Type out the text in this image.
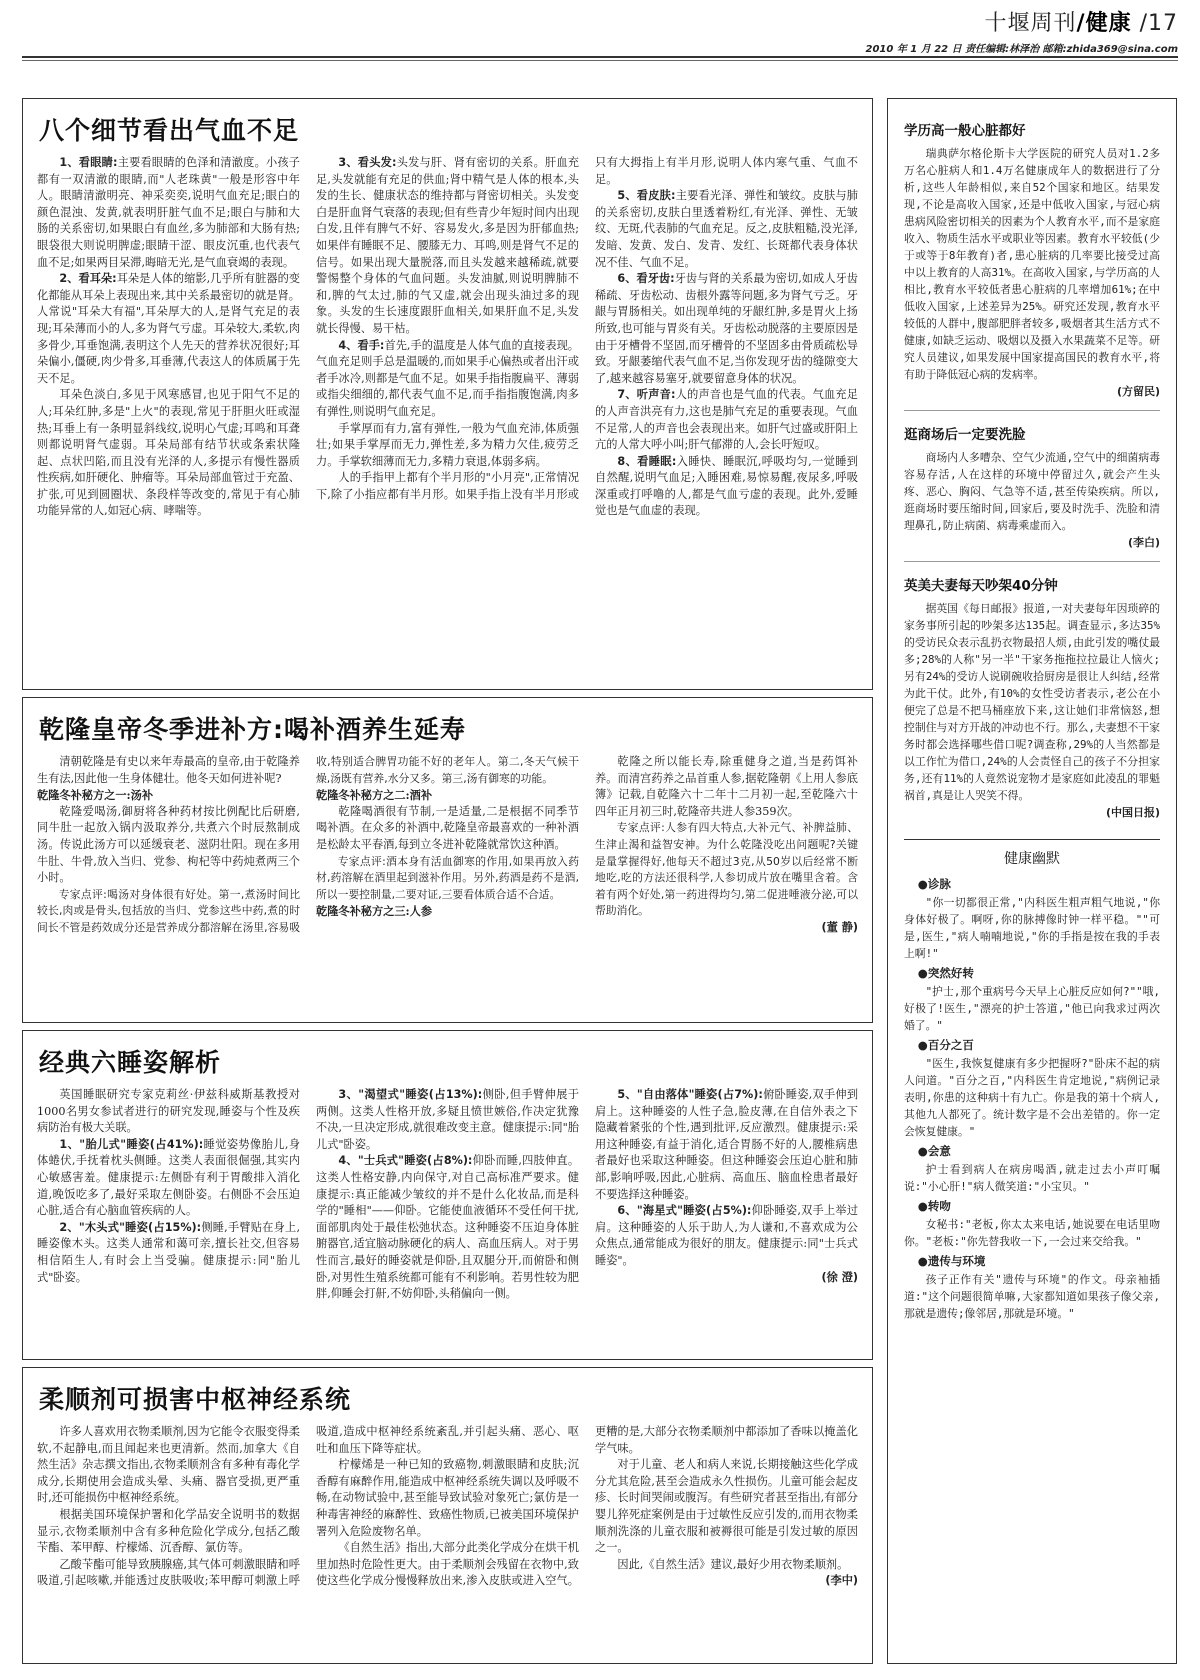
十堰周刊/健康 /17
2010 年 1 月 22 日 责任编辑:林泽治 邮箱:zhida369@sina.com
八个细节看出气血不足

1、看眼睛:主要看眼睛的色泽和清澈度。小孩子都有一双清澈的眼睛,而"人老珠黄"一般是形容中年人。眼睛清澈明亮、神采奕奕,说明气血充足;眼白的颜色混浊、发黄,就表明肝脏气血不足;眼白与肺和大肠的关系密切,如果眼白有血丝,多为肺部和大肠有热;眼袋很大则说明脾虚;眼睛干涩、眼皮沉重,也代表气血不足;如果两目呆滞,晦暗无光,是气血衰竭的表现。

2、看耳朵:耳朵是人体的缩影,几乎所有脏器的变化都能从耳朵上表现出来,其中关系最密切的就是肾。人常说"耳朵大有福",耳朵厚大的人,是肾气充足的表现;耳朵薄而小的人,多为肾气亏虚。耳朵较大,柔软,肉多骨少,耳垂饱满,表明这个人先天的营养状况很好;耳朵偏小,僵硬,肉少骨多,耳垂薄,代表这人的体质属于先天不足。

耳朵色淡白,多见于风寒感冒,也见于阳气不足的人;耳朵红肿,多是"上火"的表现,常见于肝胆火旺或湿热;耳垂上有一条明显斜线纹,说明心气虚;耳鸣和耳聋则都说明肾气虚弱。耳朵局部有结节状或条索状隆起、点状凹陷,而且没有光泽的人,多提示有慢性器质性疾病,如肝硬化、肿瘤等。耳朵局部血管过于充盈、扩张,可见到圆圈状、条段样等改变的,常见于有心肺功能异常的人,如冠心病、哮喘等。

3、看头发:头发与肝、肾有密切的关系。肝血充足,头发就能有充足的供血;肾中精气是人体的根本,头发的生长、健康状态的维持都与肾密切相关。头发变白是肝血肾气衰落的表现;但有些青少年短时间内出现白发,且伴有脾气不好、容易发火,多是因为肝郁血热;如果伴有睡眠不足、腰膝无力、耳鸣,则是肾气不足的信号。如果出现大量脱落,而且头发越来越稀疏,就要警惕整个身体的气血问题。头发油腻,则说明脾肺不和,脾的气太过,肺的气又虚,就会出现头油过多的现象。头发的生长速度跟肝血相关,如果肝血不足,头发就长得慢、易干枯。

4、看手:首先,手的温度是人体气血的直接表现。气血充足则手总是温暖的,而如果手心偏热或者出汗或者手冰冷,则都是气血不足。如果手指指腹扁平、薄弱或指尖细细的,都代表气血不足,而手指指腹饱满,肉多有弹性,则说明气血充足。

手掌厚而有力,富有弹性,一般为气血充沛,体质强壮;如果手掌厚而无力,弹性差,多为精力欠佳,疲劳乏力。手掌软细薄而无力,多精力衰退,体弱多病。

人的手指甲上都有个半月形的"小月亮",正常情况下,除了小指应都有半月形。如果手指上没有半月形或只有大拇指上有半月形,说明人体内寒气重、气血不足。

5、看皮肤:主要看光泽、弹性和皱纹。皮肤与肺的关系密切,皮肤白里透着粉红,有光泽、弹性、无皱纹、无斑,代表肺的气血充足。反之,皮肤粗糙,没光泽,发暗、发黄、发白、发青、发红、长斑都代表身体状况不佳、气血不足。

6、看牙齿:牙齿与肾的关系最为密切,如成人牙齿稀疏、牙齿松动、齿根外露等问题,多为肾气亏乏。牙龈与胃肠相关。如出现单纯的牙龈红肿,多是胃火上扬所致,也可能与胃炎有关。牙齿松动脱落的主要原因是由于牙槽骨不坚固,而牙槽骨的不坚固多由骨质疏松导致。牙龈萎缩代表气血不足,当你发现牙齿的缝隙变大了,越来越容易塞牙,就要留意身体的状况。

7、听声音:人的声音也是气血的代表。气血充足的人声音洪亮有力,这也是肺气充足的重要表现。气血不足常,人的声音也会表现出来。如肝气过盛或肝阳上亢的人常大呼小叫;肝气郁滞的人,会长吁短叹。

8、看睡眠:入睡快、睡眠沉,呼吸均匀,一觉睡到自然醒,说明气血足;入睡困难,易惊易醒,夜尿多,呼吸深重或打呼噜的人,都是气血亏虚的表现。此外,爱睡觉也是气血虚的表现。

乾隆皇帝冬季进补方:喝补酒养生延寿

清朝乾隆是有史以来年寿最高的皇帝,由于乾隆养生有法,因此他一生身体健壮。他冬天如何进补呢?

乾隆冬补秘方之一:汤补

乾隆爱喝汤,御厨将各种药材按比例配比后研磨,同牛肚一起放入锅内汲取养分,共煮六个时辰熬制成汤。传说此汤方可以延缓衰老、滋阴壮阳。现在多用牛肚、牛骨,放入当归、党参、枸杞等中药炖煮两三个小时。

专家点评:喝汤对身体很有好处。第一,煮汤时间比较长,肉或是骨头,包括放的当归、党参这些中药,煮的时间长不管是药效成分还是营养成分都溶解在汤里,容易吸收,特别适合脾胃功能不好的老年人。第二,冬天气候干燥,汤既有营养,水分又多。第三,汤有御寒的功能。

乾隆冬补秘方之二:酒补

乾隆喝酒很有节制,一是适量,二是根据不同季节喝补酒。在众多的补酒中,乾隆皇帝最喜欢的一种补酒是松龄太平春酒,每到立冬进补乾隆就常饮这种酒。

专家点评:酒本身有活血御寒的作用,如果再放入药材,药溶解在酒里起到滋补作用。另外,药酒是药不是酒,所以一要控制量,二要对证,三要看体质合适不合适。

乾隆冬补秘方之三:人参

乾隆之所以能长寿,除重健身之道,当是药饵补养。而清宫药养之品首重人参,据乾隆朝《上用人参底簿》记载,自乾隆六十二年十二月初一起,至乾隆六十四年正月初三时,乾隆帝共进人参359次。

专家点评:人参有四大特点,大补元气、补脾益肺、生津止渴和益智安神。为什么乾隆没吃出问题呢?关键是量掌握得好,他每天不超过3克,从50岁以后经常不断地吃,吃的方法还很科学,人参切成片放在嘴里含着。含着有两个好处,第一药进得均匀,第二促进唾液分泌,可以帮助消化。

(董 静)

经典六睡姿解析

英国睡眠研究专家克莉丝·伊兹科威斯基教授对1000名男女参试者进行的研究发现,睡姿与个性及疾病防治有极大关联。

1、"胎儿式"睡姿(占41%):睡觉姿势像胎儿,身体蜷伏,手抚着枕头侧睡。这类人表面很倔强,其实内心敏感害羞。健康提示:左侧卧有利于胃酸排入消化道,晚饭吃多了,最好采取左侧卧姿。右侧卧不会压迫心脏,适合有心脑血管疾病的人。

2、"木头式"睡姿(占15%):侧睡,手臂贴在身上,睡姿像木头。这类人通常和蔼可亲,擅长社交,但容易相信陌生人,有时会上当受骗。健康提示:同"胎儿式"卧姿。

3、"渴望式"睡姿(占13%):侧卧,但手臂伸展于两侧。这类人性格开放,多疑且愤世嫉俗,作决定犹豫不决,一旦决定形成,就很难改变主意。健康提示:同"胎儿式"卧姿。

4、"士兵式"睡姿(占8%):仰卧而睡,四肢伸直。这类人性格安静,内向保守,对自己高标准严要求。健康提示:真正能减少皱纹的并不是什么化妆品,而是科学的"睡相"——仰卧。它能使血液循环不受任何干扰,面部肌肉处于最佳松弛状态。这种睡姿不压迫身体脏腑器官,适宜脑动脉硬化的病人、高血压病人。对于男性而言,最好的睡姿就是仰卧,且双腿分开,而俯卧和侧卧,对男性生殖系统都可能有不利影响。若男性较为肥胖,仰睡会打鼾,不妨仰卧,头稍偏向一侧。

5、"自由落体"睡姿(占7%):俯卧睡姿,双手伸到肩上。这种睡姿的人性子急,脸皮薄,在自信外表之下隐藏着紧张的个性,遇到批评,反应激烈。健康提示:采用这种睡姿,有益于消化,适合胃肠不好的人,腰椎病患者最好也采取这种睡姿。但这种睡姿会压迫心脏和肺部,影响呼吸,因此,心脏病、高血压、脑血栓患者最好不要选择这种睡姿。

6、"海星式"睡姿(占5%):仰卧睡姿,双手上举过肩。这种睡姿的人乐于助人,为人谦和,不喜欢成为公众焦点,通常能成为很好的朋友。健康提示:同"士兵式睡姿"。

(徐 澄)

柔顺剂可损害中枢神经系统

许多人喜欢用衣物柔顺剂,因为它能令衣服变得柔软,不起静电,而且闻起来也更清新。然而,加拿大《自然生活》杂志撰文指出,衣物柔顺剂含有多种有毒化学成分,长期使用会造成头晕、头痛、器官受损,更严重时,还可能损伤中枢神经系统。

根据美国环境保护署和化学品安全说明书的数据显示,衣物柔顺剂中含有多种危险化学成分,包括乙酸苄酯、苯甲醇、柠檬烯、沉香醇、氯仿等。

乙酸苄酯可能导致胰腺癌,其气体可刺激眼睛和呼吸道,引起咳嗽,并能透过皮肤吸收;苯甲醇可刺激上呼吸道,造成中枢神经系统紊乱,并引起头痛、恶心、呕吐和血压下降等症状。

柠檬烯是一种已知的致癌物,刺激眼睛和皮肤;沉香醇有麻醉作用,能造成中枢神经系统失调以及呼吸不畅,在动物试验中,甚至能导致试验对象死亡;氯仿是一种毒害神经的麻醉性、致癌性物质,已被美国环境保护署列入危险废物名单。

《自然生活》指出,大部分此类化学成分在烘干机里加热时危险性更大。由于柔顺剂会残留在衣物中,致使这些化学成分慢慢释放出来,渗入皮肤或进入空气。更糟的是,大部分衣物柔顺剂中都添加了香味以掩盖化学气味。

对于儿童、老人和病人来说,长期接触这些化学成分尤其危险,甚至会造成永久性损伤。儿童可能会起皮疹、长时间哭闹或腹泻。有些研究者甚至指出,有部分婴儿猝死症案例是由于过敏性反应引发的,而用衣物柔顺剂洗涤的儿童衣服和被褥很可能是引发过敏的原因之一。

因此,《自然生活》建议,最好少用衣物柔顺剂。

(李中)

学历高一般心脏都好

瑞典萨尔格伦斯卡大学医院的研究人员对1.2多万名心脏病人和1.4万名健康成年人的数据进行了分析,这些人年龄相似,来自52个国家和地区。结果发现,不论是高收入国家,还是中低收入国家,与冠心病患病风险密切相关的因素为个人教育水平,而不是家庭收入、物质生活水平或职业等因素。教育水平较低(少于或等于8年教育)者,患心脏病的几率要比接受过高中以上教育的人高31%。在高收入国家,与学历高的人相比,教育水平较低者患心脏病的几率增加61%;在中低收入国家,上述差异为25%。研究还发现,教育水平较低的人群中,腹部肥胖者较多,吸烟者其生活方式不健康,如缺乏运动、吸烟以及摄入水果蔬菜不足等。研究人员建议,如果发展中国家提高国民的教育水平,将有助于降低冠心病的发病率。

(方留民)
逛商场后一定要洗脸

商场内人多嘈杂、空气少流通,空气中的细菌病毒容易存活,人在这样的环境中停留过久,就会产生头疼、恶心、胸闷、气急等不适,甚至传染疾病。所以,逛商场时要压缩时间,回家后,要及时洗手、洗脸和清理鼻孔,防止病菌、病毒乘虚而入。

(李白)
英美夫妻每天吵架40分钟

据英国《每日邮报》报道,一对夫妻每年因琐碎的家务事所引起的吵架多达135起。调查显示,多达35%的受访民众表示乱扔衣物最招人烦,由此引发的嘴仗最多;28%的人称"另一半"干家务拖拖拉拉最让人恼火;另有24%的受访人说刷碗收拾厨房是很让人纠结,经常为此干仗。此外,有10%的女性受访者表示,老公在小便完了总是不把马桶座放下来,这让她们非常恼怒,想控制住与对方开战的冲动也不行。那么,夫妻想不干家务时都会选择哪些借口呢?调查称,29%的人当然都是以工作忙为借口,24%的人会责怪自己的孩子不分担家务,还有11%的人竟然说宠物才是家庭如此凌乱的罪魁祸首,真是让人哭笑不得。

(中国日报)
健康幽默
●诊脉

"你一切都很正常,"内科医生粗声粗气地说,"你身体好极了。啊呀,你的脉搏像时钟一样平稳。""可是,医生,"病人喃喃地说,"你的手指是按在我的手表上啊!"

●突然好转

"护士,那个重病号今天早上心脏反应如何?""哦,好极了!医生,"漂亮的护士答道,"他已向我求过两次婚了。"

●百分之百

"医生,我恢复健康有多少把握呀?"卧床不起的病人问道。"百分之百,"内科医生肯定地说,"病例记录表明,你患的这种病十有九亡。你是我的第十个病人,其他九人都死了。统计数字是不会出差错的。你一定会恢复健康。"

●会意

护士看到病人在病房喝酒,就走过去小声叮嘱说:"小心肝!"病人微笑道:"小宝贝。"

●转吻

女秘书:"老板,你太太来电话,她说要在电话里吻你。"老板:"你先替我收一下,一会过来交给我。"

●遗传与环境

孩子正作有关"遗传与环境"的作文。母亲袖插道:"这个问题很简单嘛,大家都知道如果孩子像父亲,那就是遗传;像邻居,那就是环境。"
